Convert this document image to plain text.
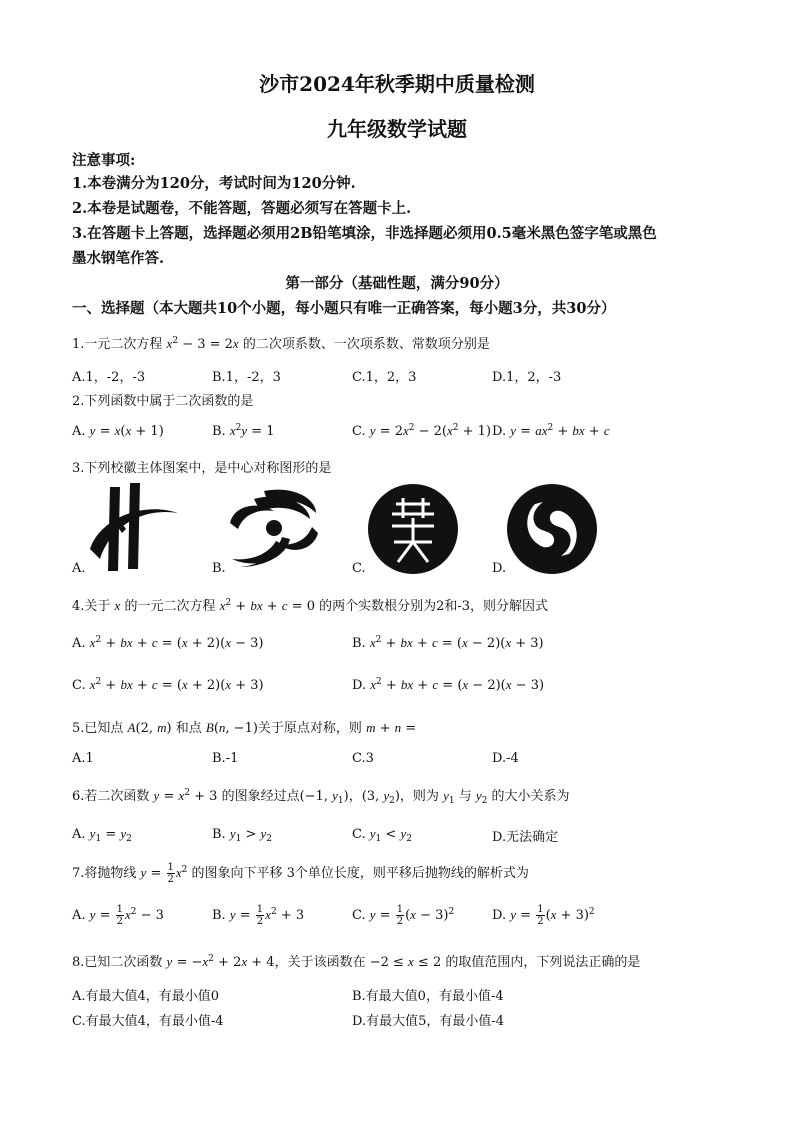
沙市2024年秋季期中质量检测
九年级数学试题
注意事项:
1.本卷满分为120分，考试时间为120分钟.
2.本卷是试题卷，不能答题，答题必须写在答题卡上.
3.在答题卡上答题，选择题必须用2B铅笔填涂，非选择题必须用0.5毫米黑色签字笔或黑色
墨水钢笔作答.
第一部分（基础性题，满分90分）
一、选择题（本大题共10个小题，每小题只有唯一正确答案，每小题3分，共30分）
1.一元二次方程 $x^2 - 3 = 2x$ 的二次项系数、一次项系数、常数项分别是
A.1，-2，-3	B.1，-2，3	C.1，2，3	D.1，2，-3
2.下列函数中属于二次函数的是
A. y = x(x + 1)	B. $x^2y = 1$	C. $y = 2x^2 - 2(x^2 + 1)$ D. $y = ax^2$ + bx + c
3.下列校徽主体图案中，是中心对称图形的是
A.	B.	C.	D.
4.关于 x 的一元二次方程 $x^2$ + bx + c = 0 的两个实数根分别为2和-3，则分解因式
A. $x^2$ + bx + c = (x + 2)(x − 3)	B. $x^2$ + bx + c = (x − 2)(x + 3)
C. $x^2$ + bx + c = (x + 2)(x + 3)	D. $x^2$ + bx + c = (x − 2)(x − 3)
5.已知点 A(2, m) 和点 B(n, −1)关于原点对称，则 m + n =
A.1	B.-1	C.3	D.-4
6.若二次函数 $y = x^2 + 3$ 的图象经过点(−1, $y_1$)，(3, $y_2$)，则为 $y_1$ 与 $y_2$ 的大小关系为
A. $y_1 = y_2$	B. $y_1 > y_2$	C. $y_1 < y_2$	D.无法确定
7.将抛物线 $y = \frac{1}{2} x^2$ 的图象向下平移 3个单位长度，则平移后抛物线的解析式为
A. $y = \frac{1}{2} x^2 - 3$	B. $y = \frac{1}{2} x^2 + 3$	C. $y = \frac{1}{2} (x - 3)^2$	D. $y = \frac{1}{2} (x + 3)^2$
8.已知二次函数 $y = -x^2 + 2x + 4$，关于该函数在 −2 ≤ x ≤ 2 的取值范围内，下列说法正确的是
A.有最大值4，有最小值0	B.有最大值0，有最小值-4
C.有最大值4，有最小值-4	D.有最大值5，有最小值-4
